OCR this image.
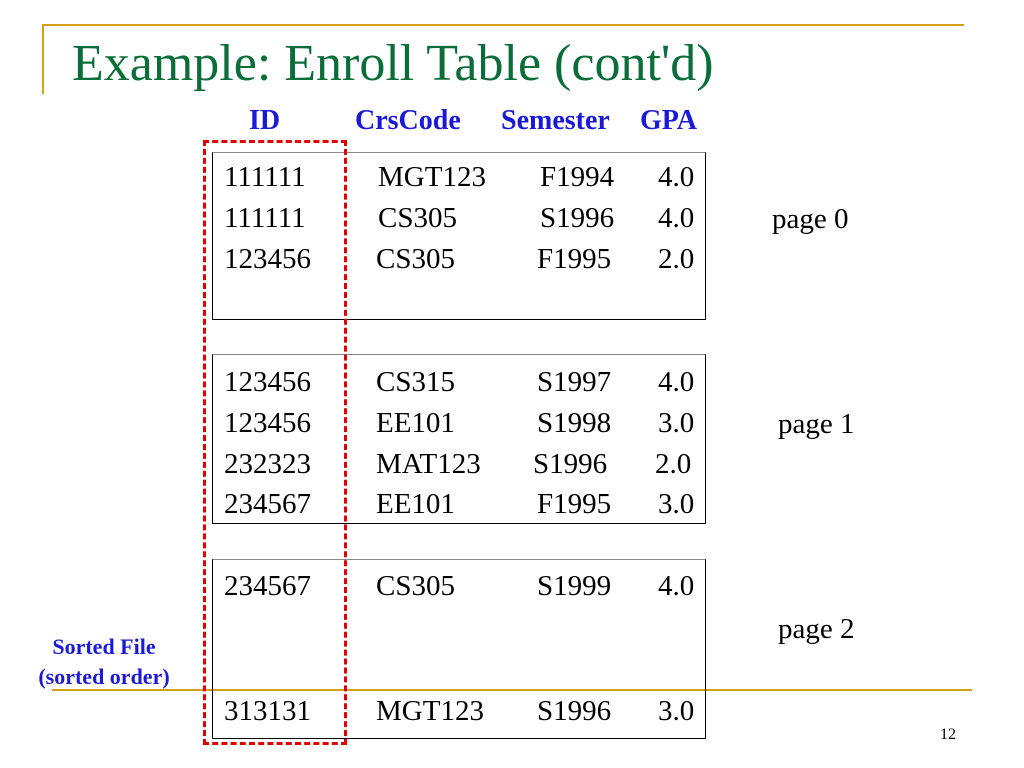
Example: Enroll Table (cont'd)
ID	CrsCode Semester GPA
111111 MGT123 F1994 4.0
111111 CS305	S1996 4.0
123456 CS305	F1995 2.0
page 0
123456 CS315	S1997 4.0
123456 EE101	S1998 3.0
232323 MAT123 S1996 2.0
234567 EE101	F1995 3.0
page 1
234567 CS305	S1999 4.0
313131 MGT123 S1996 3.0
page 2
Sorted File
(sorted order)
12
